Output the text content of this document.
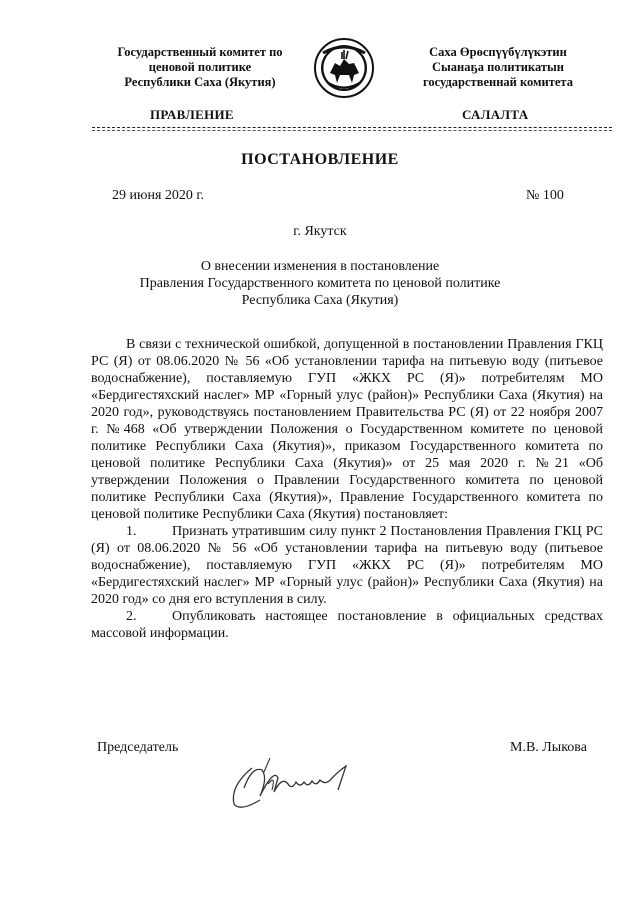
Государственный комитет по
ценовой политике
Республики Саха (Якутия)
Саха Өрөспүүбүлүкэтин
Сыанаҕа политикатын
государственнай комитета
ПРАВЛЕНИЕ	САЛАЛТА
ПОСТАНОВЛЕНИЕ
29 июня 2020 г.	№ 100
г. Якутск
О внесении изменения в постановление
Правления Государственного комитета по ценовой политике
Республика Саха (Якутия)

В связи с технической ошибкой, допущенной в постановлении Правления ГКЦ РС (Я) от 08.06.2020 № 56 «Об установлении тарифа на питьевую воду (питьевое водоснабжение), поставляемую ГУП «ЖКХ РС (Я)» потребителям МО «Бердигестяхский наслег» МР «Горный улус (район)» Республики Саха (Якутия) на 2020 год», руководствуясь постановлением Правительства РС (Я) от 22 ноября 2007 г. №468 «Об утверждении Положения о Государственном комитете по ценовой политике Республики Саха (Якутия)», приказом Государственного комитета по ценовой политике Республики Саха (Якутия)» от 25 мая 2020 г. №21 «Об утверждении Положения о Правлении Государственного комитета по ценовой политике Республики Саха (Якутия)», Правление Государственного комитета по ценовой политике Республики Саха (Якутия) постановляет:

1.	Признать утратившим силу пункт 2 Постановления Правления ГКЦ РС (Я) от 08.06.2020 № 56 «Об установлении тарифа на питьевую воду (питьевое водоснабжение), поставляемую ГУП «ЖКХ РС (Я)» потребителям МО «Бердигестяхский наслег» МР «Горный улус (район)» Республики Саха (Якутия) на 2020 год» со дня его вступления в силу.

2.	Опубликовать настоящее постановление в официальных средствах массовой информации.

Председатель	М.В. Лыкова
